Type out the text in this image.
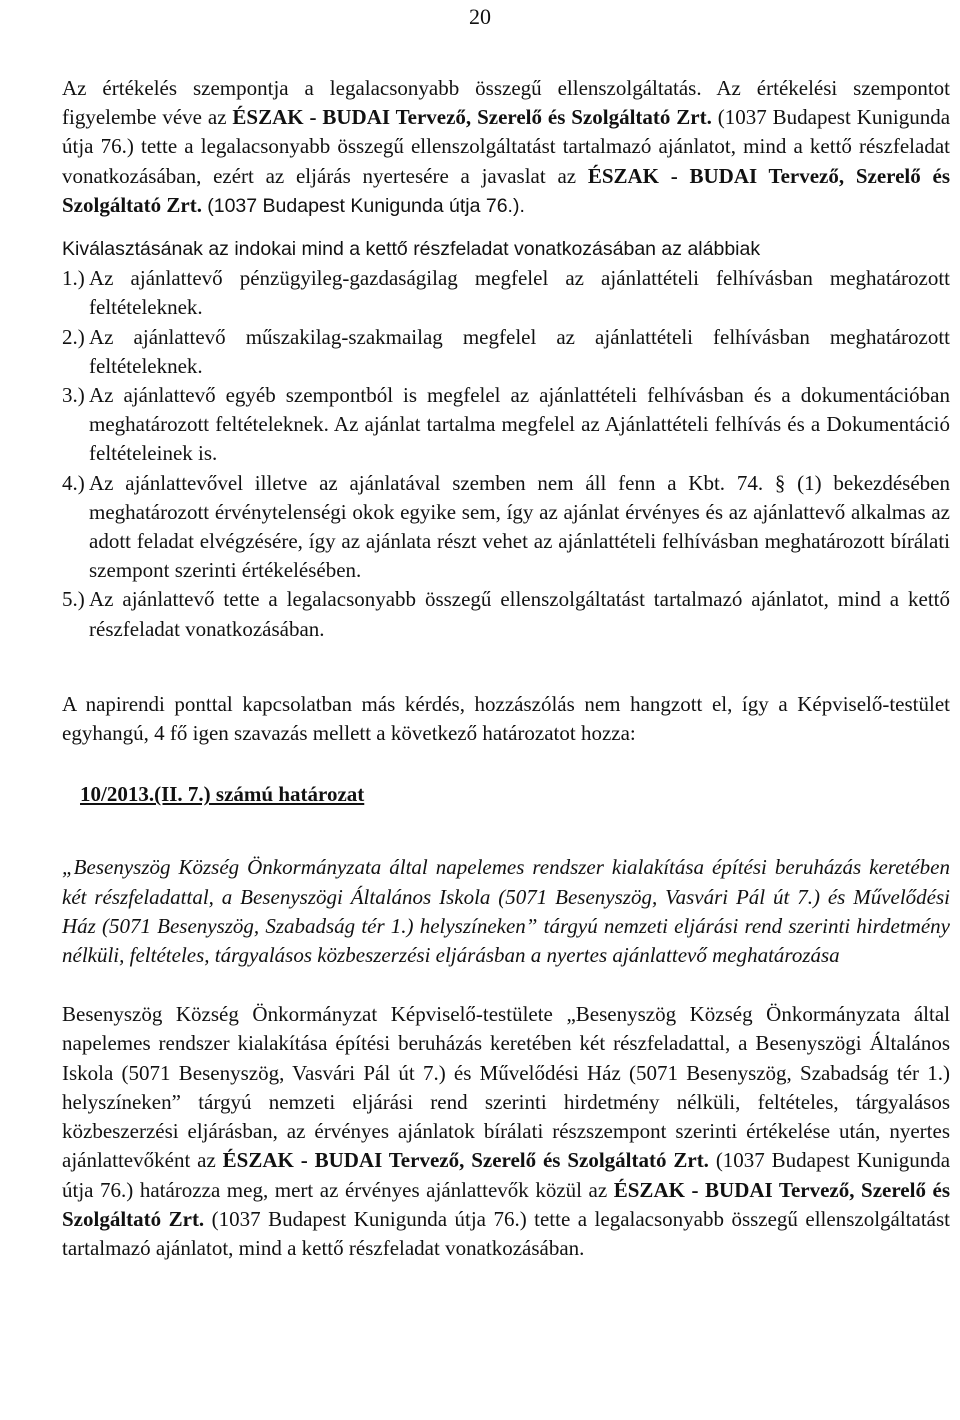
20

Az értékelés szempontja a legalacsonyabb összegű ellenszolgáltatás. Az értékelési szempontot figyelembe véve az ÉSZAK - BUDAI Tervező, Szerelő és Szolgáltató Zrt. (1037 Budapest Kunigunda útja 76.) tette a legalacsonyabb összegű ellenszolgáltatást tartalmazó ajánlatot, mind a kettő részfeladat vonatkozásában, ezért az eljárás nyertesére a javaslat az ÉSZAK - BUDAI Tervező, Szerelő és Szolgáltató Zrt. (1037 Budapest Kunigunda útja 76.).

Kiválasztásának az indokai mind a kettő részfeladat vonatkozásában az alábbiak

1.) Az ajánlattevő pénzügyileg-gazdaságilag megfelel az ajánlattételi felhívásban meghatározott feltételeknek.
2.) Az ajánlattevő műszakilag-szakmailag megfelel az ajánlattételi felhívásban meghatározott feltételeknek.
3.) Az ajánlattevő egyéb szempontból is megfelel az ajánlattételi felhívásban és a dokumentációban meghatározott feltételeknek. Az ajánlat tartalma megfelel az Ajánlattételi felhívás és a Dokumentáció feltételeinek is.
4.) Az ajánlattevővel illetve az ajánlatával szemben nem áll fenn a Kbt. 74. § (1) bekezdésében meghatározott érvénytelenségi okok egyike sem, így az ajánlat érvényes és az ajánlattevő alkalmas az adott feladat elvégzésére, így az ajánlata részt vehet az ajánlattételi felhívásban meghatározott bírálati szempont szerinti értékelésében.
5.) Az ajánlattevő tette a legalacsonyabb összegű ellenszolgáltatást tartalmazó ajánlatot, mind a kettő részfeladat vonatkozásában.

A napirendi ponttal kapcsolatban más kérdés, hozzászólás nem hangzott el, így a Képviselő-testület egyhangú, 4 fő igen szavazás mellett a következő határozatot hozza:

10/2013.(II. 7.) számú határozat

„Besenyszög Község Önkormányzata által napelemes rendszer kialakítása építési beruházás keretében két részfeladattal, a Besenyszögi Általános Iskola (5071 Besenyszög, Vasvári Pál út 7.) és Művelődési Ház (5071 Besenyszög, Szabadság tér 1.) helyszíneken” tárgyú nemzeti eljárási rend szerinti hirdetmény nélküli, feltételes, tárgyalásos közbeszerzési eljárásban a nyertes ajánlattevő meghatározása

Besenyszög Község Önkormányzat Képviselő-testülete „Besenyszög Község Önkormányzata által napelemes rendszer kialakítása építési beruházás keretében két részfeladattal, a Besenyszögi Általános Iskola (5071 Besenyszög, Vasvári Pál út 7.) és Művelődési Ház (5071 Besenyszög, Szabadság tér 1.) helyszíneken” tárgyú nemzeti eljárási rend szerinti hirdetmény nélküli, feltételes, tárgyalásos közbeszerzési eljárásban, az érvényes ajánlatok bírálati részszempont szerinti értékelése után, nyertes ajánlattevőként az ÉSZAK - BUDAI Tervező, Szerelő és Szolgáltató Zrt. (1037 Budapest Kunigunda útja 76.) határozza meg, mert az érvényes ajánlattevők közül az ÉSZAK - BUDAI Tervező, Szerelő és Szolgáltató Zrt. (1037 Budapest Kunigunda útja 76.) tette a legalacsonyabb összegű ellenszolgáltatást tartalmazó ajánlatot, mind a kettő részfeladat vonatkozásában.
